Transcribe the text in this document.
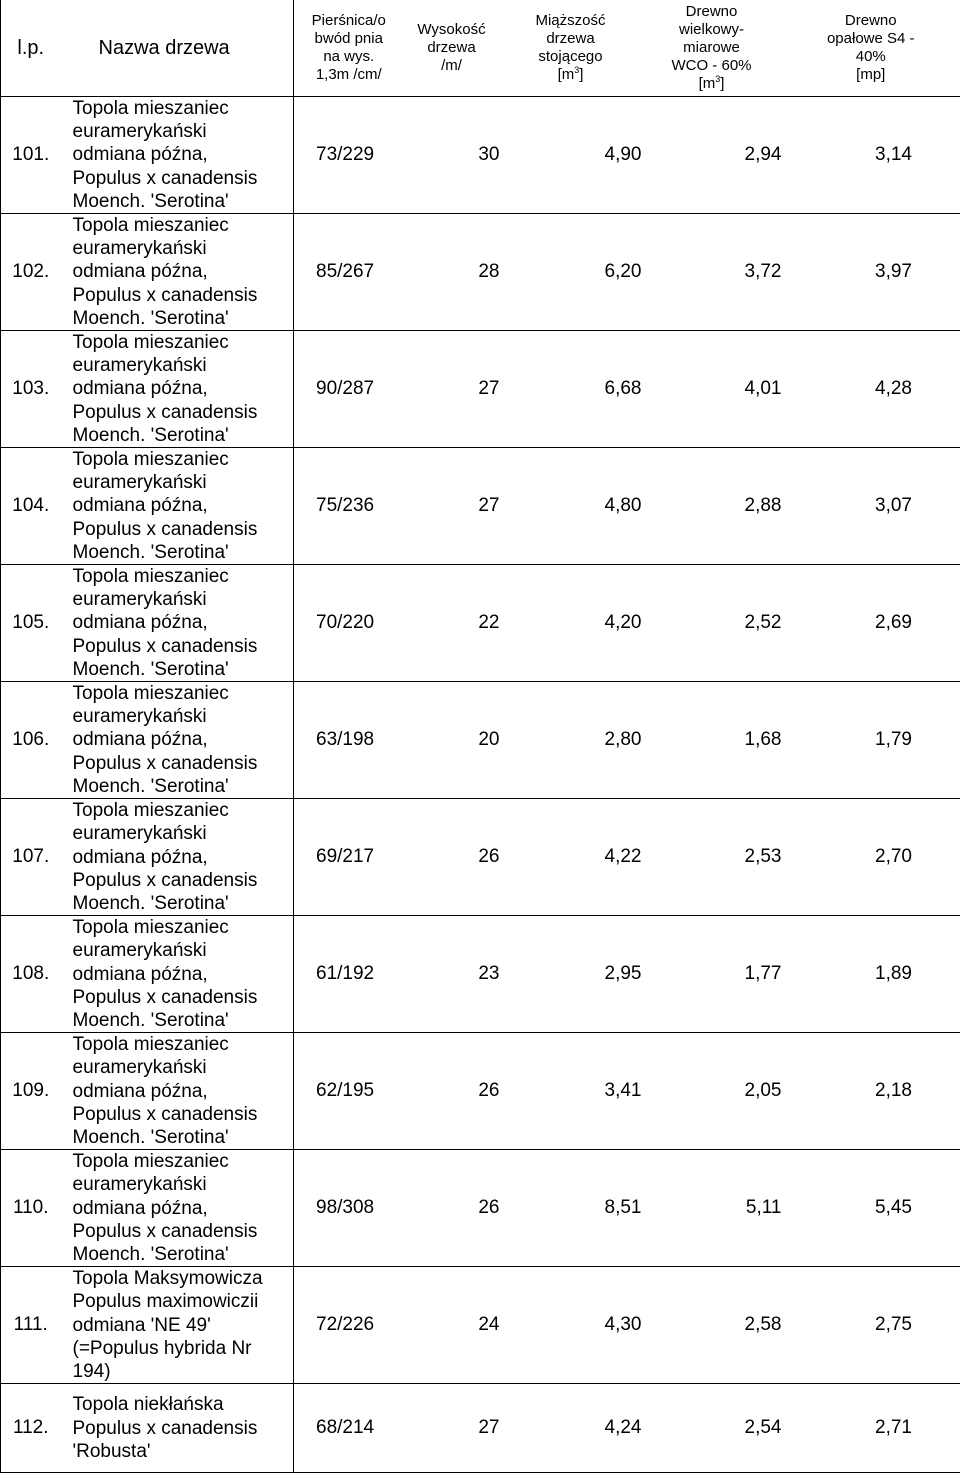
l.p.	Nazwa drzewa	Pierśnica/o
bwód pnia
na wys.
1,3m /cm/	Wysokość
drzewa
/m/	Miąższość
drzewa
stojącego
$[m^3]$	Drewno
wielkowy-
miarowe
WCO - 60%
$[m^3]$	Drewno
opałowe S4 -
40%
[mp]
101.	Topola mieszaniec
euramerykański
odmiana późna,
Populus x canadensis
Moench. 'Serotina'	73/229	30	4,90	2,94	3,14
102.	Topola mieszaniec
euramerykański
odmiana późna,
Populus x canadensis
Moench. 'Serotina'	85/267	28	6,20	3,72	3,97
103.	Topola mieszaniec
euramerykański
odmiana późna,
Populus x canadensis
Moench. 'Serotina'	90/287	27	6,68	4,01	4,28
104.	Topola mieszaniec
euramerykański
odmiana późna,
Populus x canadensis
Moench. 'Serotina'	75/236	27	4,80	2,88	3,07
105.	Topola mieszaniec
euramerykański
odmiana późna,
Populus x canadensis
Moench. 'Serotina'	70/220	22	4,20	2,52	2,69
106.	Topola mieszaniec
euramerykański
odmiana późna,
Populus x canadensis
Moench. 'Serotina'	63/198	20	2,80	1,68	1,79
107.	Topola mieszaniec
euramerykański
odmiana późna,
Populus x canadensis
Moench. 'Serotina'	69/217	26	4,22	2,53	2,70
108.	Topola mieszaniec
euramerykański
odmiana późna,
Populus x canadensis
Moench. 'Serotina'	61/192	23	2,95	1,77	1,89
109.	Topola mieszaniec
euramerykański
odmiana późna,
Populus x canadensis
Moench. 'Serotina'	62/195	26	3,41	2,05	2,18
110.	Topola mieszaniec
euramerykański
odmiana późna,
Populus x canadensis
Moench. 'Serotina'	98/308	26	8,51	5,11	5,45
111.	Topola Maksymowicza
Populus maximowiczii
odmiana 'NE 49'
(=Populus hybrida Nr
194)	72/226	24	4,30	2,58	2,75
112.	Topola niekłańska
Populus x canadensis
'Robusta'	68/214	27	4,24	2,54	2,71
